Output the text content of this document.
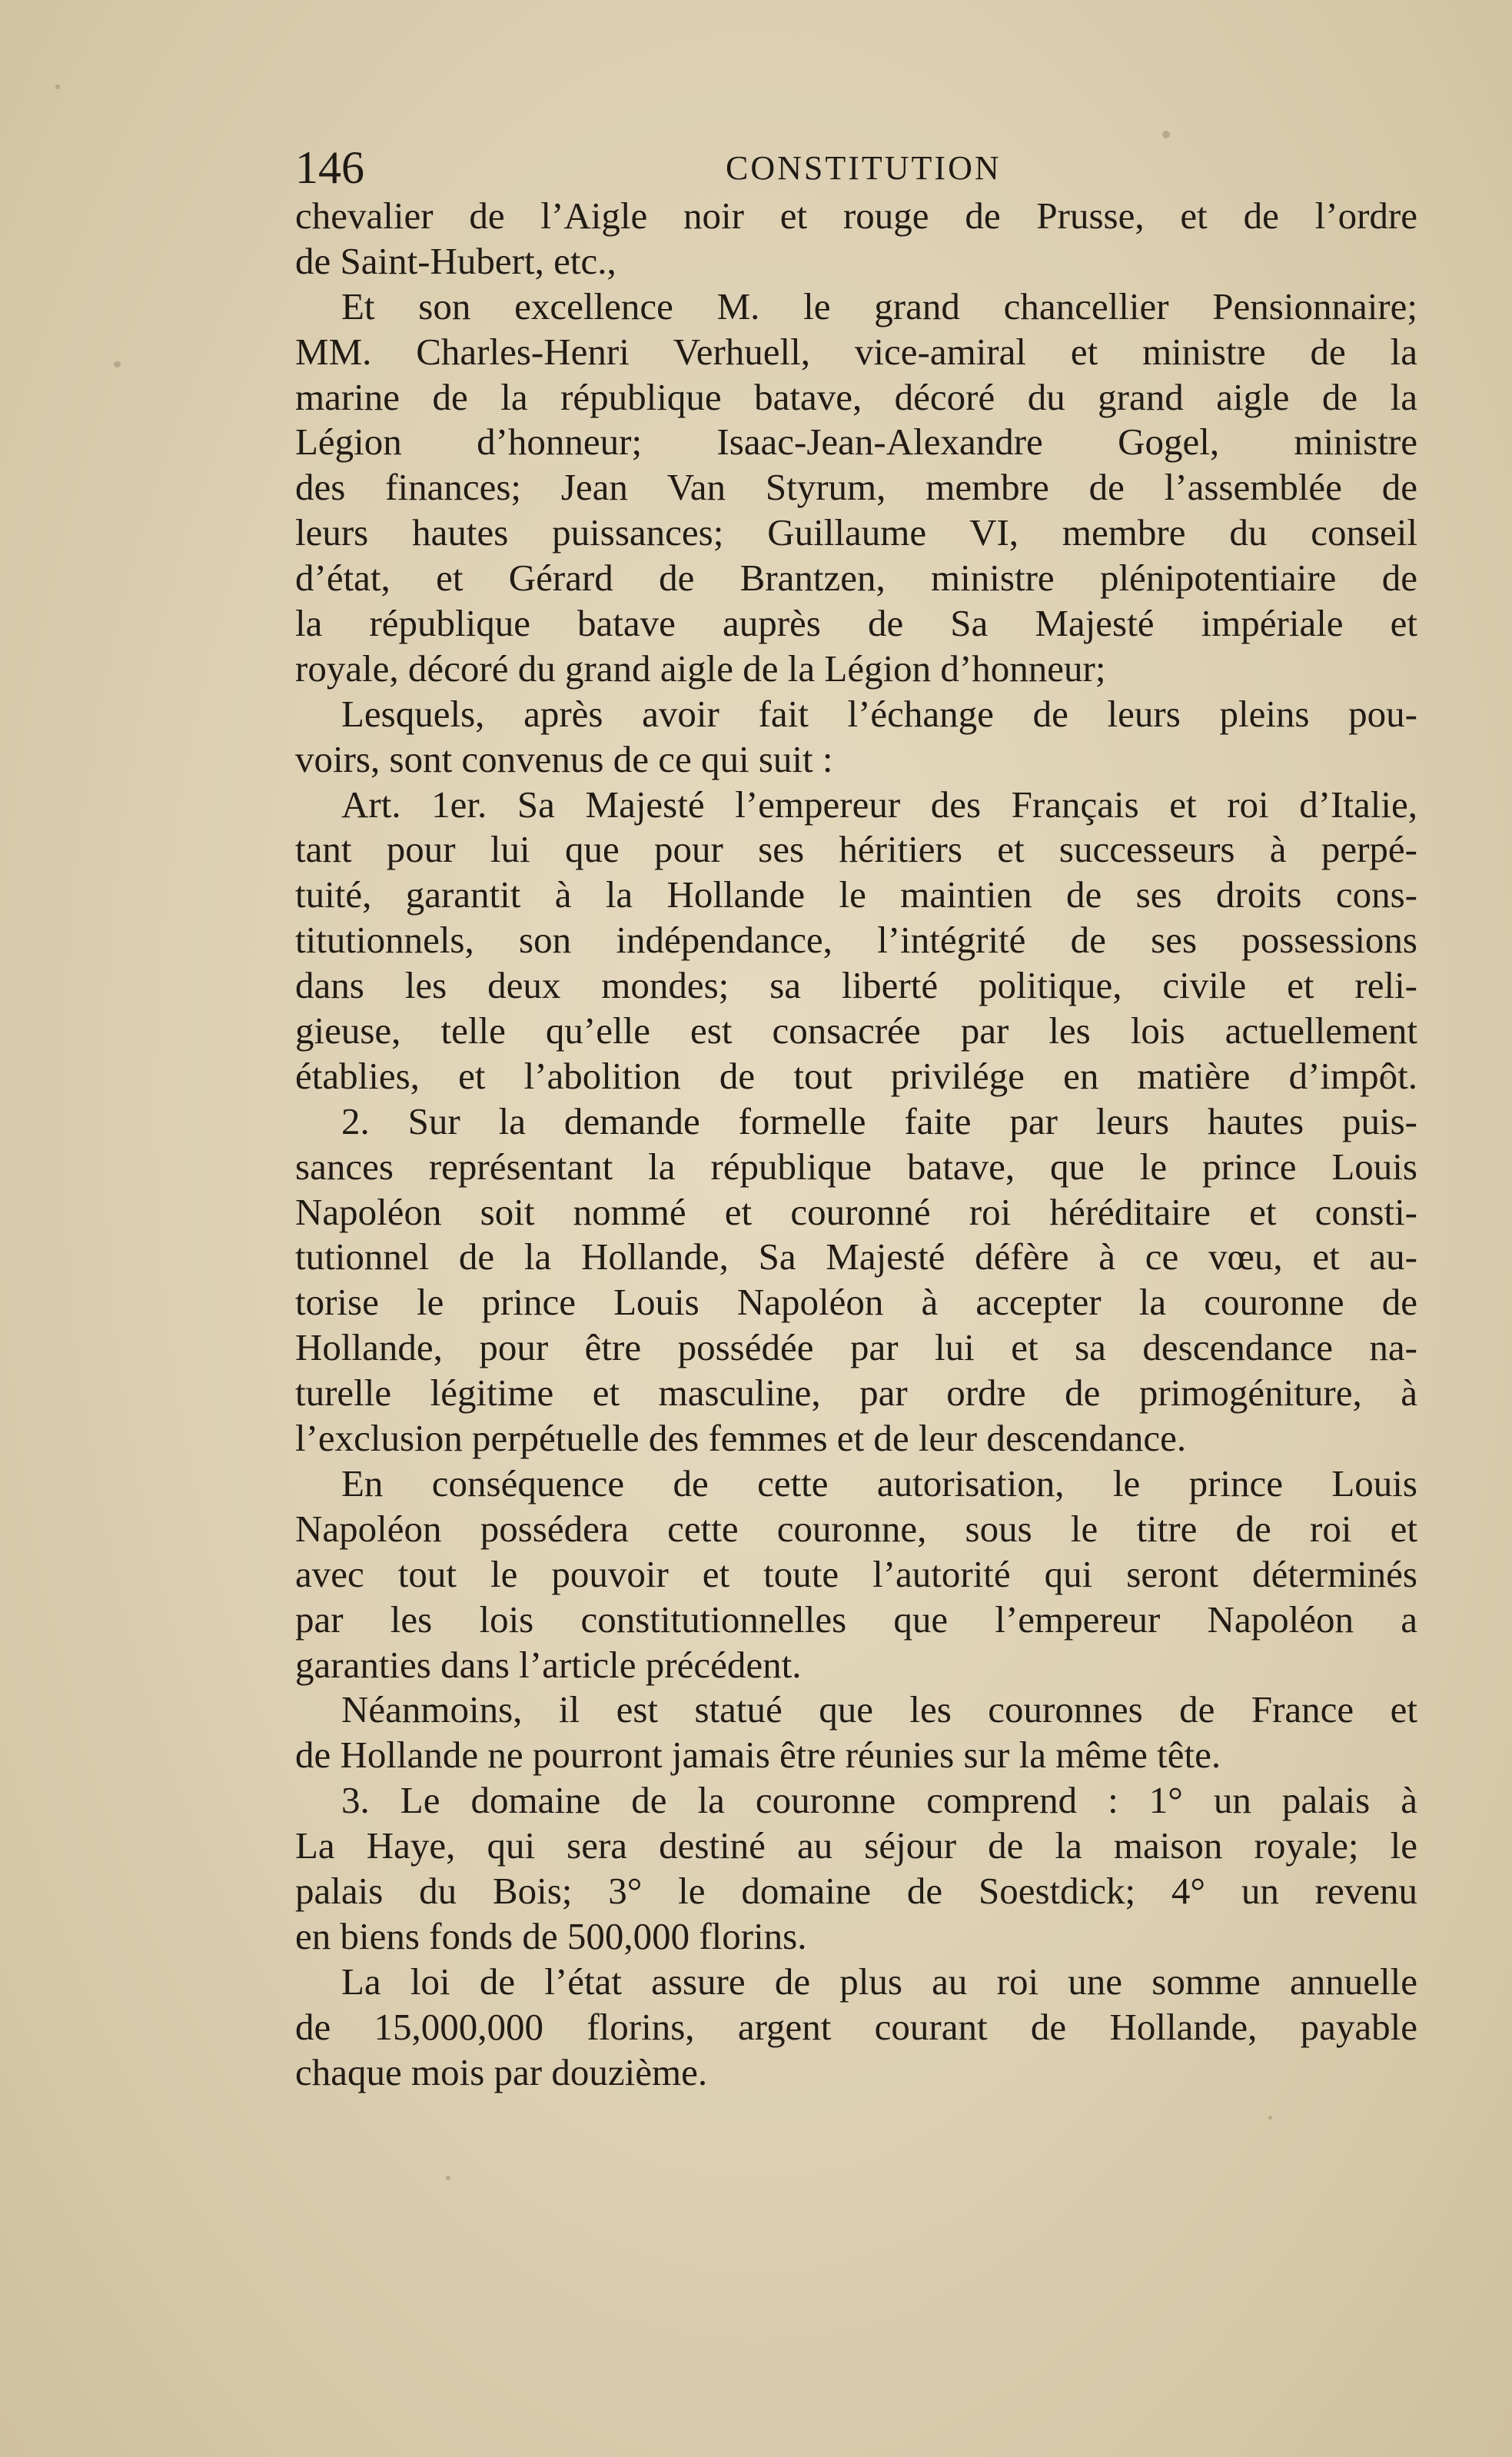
146	CONSTITUTION
chevalier de l’Aigle noir et rouge de Prusse, et de l’ordre
de Saint-Hubert, etc.,
Et son excellence M. le grand chancellier Pensionnaire;
MM. Charles-Henri Verhuell, vice-amiral et ministre de la
marine de la république batave, décoré du grand aigle de la
Légion d’honneur; Isaac-Jean-Alexandre Gogel, ministre
des finances; Jean Van Styrum, membre de l’assemblée de
leurs hautes puissances; Guillaume VI, membre du conseil
d’état, et Gérard de Brantzen, ministre plénipotentiaire de
la république batave auprès de Sa Majesté impériale et
royale, décoré du grand aigle de la Légion d’honneur;
Lesquels, après avoir fait l’échange de leurs pleins pou-
voirs, sont convenus de ce qui suit :
Art. 1er. Sa Majesté l’empereur des Français et roi d’Italie,
tant pour lui que pour ses héritiers et successeurs à perpé-
tuité, garantit à la Hollande le maintien de ses droits cons-
titutionnels, son indépendance, l’intégrité de ses possessions
dans les deux mondes; sa liberté politique, civile et reli-
gieuse, telle qu’elle est consacrée par les lois actuellement
établies, et l’abolition de tout privilége en matière d’impôt.
2. Sur la demande formelle faite par leurs hautes puis-
sances représentant la république batave, que le prince Louis
Napoléon soit nommé et couronné roi héréditaire et consti-
tutionnel de la Hollande, Sa Majesté défère à ce vœu, et au-
torise le prince Louis Napoléon à accepter la couronne de
Hollande, pour être possédée par lui et sa descendance na-
turelle légitime et masculine, par ordre de primogéniture, à
l’exclusion perpétuelle des femmes et de leur descendance.
En conséquence de cette autorisation, le prince Louis
Napoléon possédera cette couronne, sous le titre de roi et
avec tout le pouvoir et toute l’autorité qui seront déterminés
par les lois constitutionnelles que l’empereur Napoléon a
garanties dans l’article précédent.
Néanmoins, il est statué que les couronnes de France et
de Hollande ne pourront jamais être réunies sur la même tête.
3. Le domaine de la couronne comprend : 1° un palais à
La Haye, qui sera destiné au séjour de la maison royale; le
palais du Bois; 3° le domaine de Soestdick; 4° un revenu
en biens fonds de 500,000 florins.
La loi de l’état assure de plus au roi une somme annuelle
de 15,000,000 florins, argent courant de Hollande, payable
chaque mois par douzième.
